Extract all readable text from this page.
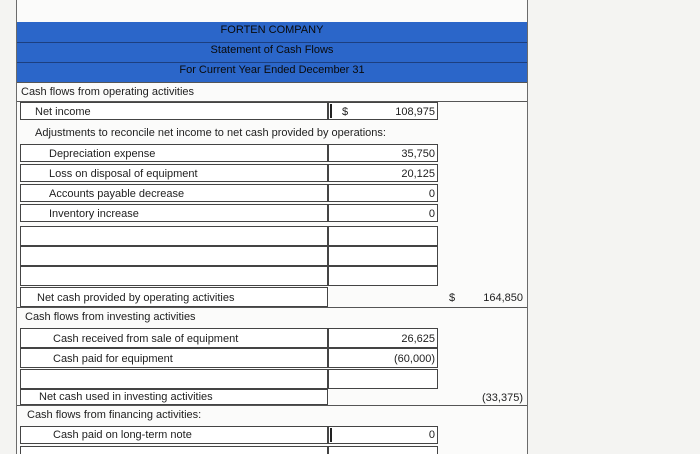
FORTEN COMPANY
Statement of Cash Flows
For Current Year Ended December 31
Cash flows from operating activities
Net income	$	108,975
Adjustments to reconcile net income to net cash provided by operations:
Depreciation expense	35,750
Loss on disposal of equipment	20,125
Accounts payable decrease	0
Inventory increase	0
Net cash provided by operating activities	$	164,850
Cash flows from investing activities
Cash received from sale of equipment	26,625
Cash paid for equipment	(60,000)
Net cash used in investing activities	(33,375)
Cash flows from financing activities:
Cash paid on long-term note	0
